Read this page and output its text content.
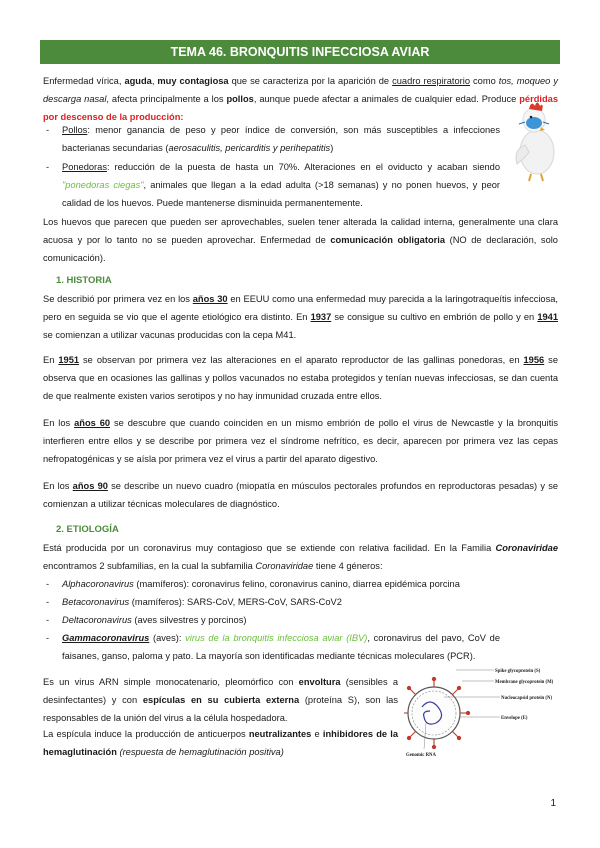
TEMA 46. BRONQUITIS INFECCIOSA AVIAR

Enfermedad vírica, aguda, muy contagiosa que se caracteriza por la aparición de cuadro respiratorio como tos, moqueo y descarga nasal, afecta principalmente a los pollos, aunque puede afectar a animales de cualquier edad. Produce pérdidas por descenso de la producción:

- Pollos: menor ganancia de peso y peor índice de conversión, son más susceptibles a infecciones bacterianas secundarias (aerosaculitis, pericarditis y perihepatitis)
- Ponedoras: reducción de la puesta de hasta un 70%. Alteraciones en el oviducto y acaban siendo "ponedoras ciegas", animales que llegan a la edad adulta (>18 semanas) y no ponen huevos, y peor calidad de los huevos. Puede mantenerse disminuida permanentemente.

Los huevos que parecen que pueden ser aprovechables, suelen tener alterada la calidad interna, generalmente una clara acuosa y por lo tanto no se pueden aprovechar. Enfermedad de comunicación obligatoria (NO de declaración, solo comunicación).

1. HISTORIA

Se describió por primera vez en los años 30 en EEUU como una enfermedad muy parecida a la laringotraqueítis infecciosa, pero en seguida se vio que el agente etiológico era distinto. En 1937 se consigue su cultivo en embrión de pollo y en 1941 se comienzan a utilizar vacunas producidas con la cepa M41.

En 1951 se observan por primera vez las alteraciones en el aparato reproductor de las gallinas ponedoras, en 1956 se observa que en ocasiones las gallinas y pollos vacunados no estaba protegidos y tenían nuevas infecciosas, se dan cuenta de que realmente existen varios serotipos y no hay inmunidad cruzada entre ellos.

En los años 60 se descubre que cuando coinciden en un mismo embrión de pollo el virus de Newcastle y la bronquitis interfieren entre ellos y se describe por primera vez el síndrome nefrítico, es decir, aparecen por primera vez las cepas nefropatogénicas y se aísla por primera vez el virus a partir del aparato digestivo.

En los años 90 se describe un nuevo cuadro (miopatía en músculos pectorales profundos en reproductoras pesadas) y se comienzan a utilizar técnicas moleculares de diagnóstico.

2. ETIOLOGÍA

Está producida por un coronavirus muy contagioso que se extiende con relativa facilidad. En la Familia Coronaviridae encontramos 2 subfamilias, en la cual la subfamilia Coronaviridae tiene 4 géneros:

- Alphacoronavirus (mamíferos): coronavirus felino, coronavirus canino, diarrea epidémica porcina
- Betacoronavirus (mamíferos): SARS-CoV, MERS-CoV, SARS-CoV2
- Deltacoronavirus (aves silvestres y porcinos)
- Gammacoronavirus (aves): virus de la bronquitis infecciosa aviar (IBV), coronavirus del pavo, CoV de faisanes, ganso, paloma y pato. La mayoría son identificadas mediante técnicas moleculares (PCR).

Es un virus ARN simple monocatenario, pleomórfico con envoltura (sensibles a desinfectantes) y con espículas en su cubierta externa (proteína S), son las responsables de la unión del virus a la célula hospedadora.

La espícula induce la producción de anticuerpos neutralizantes e inhibidores de la hemaglutinación (respuesta de hemaglutinación positiva)

Spike glycoprotein (S)
Membrane glycoprotein (M)
Nucleocapsid protein (N)
Envelope (E)
Genomic RNA
1
